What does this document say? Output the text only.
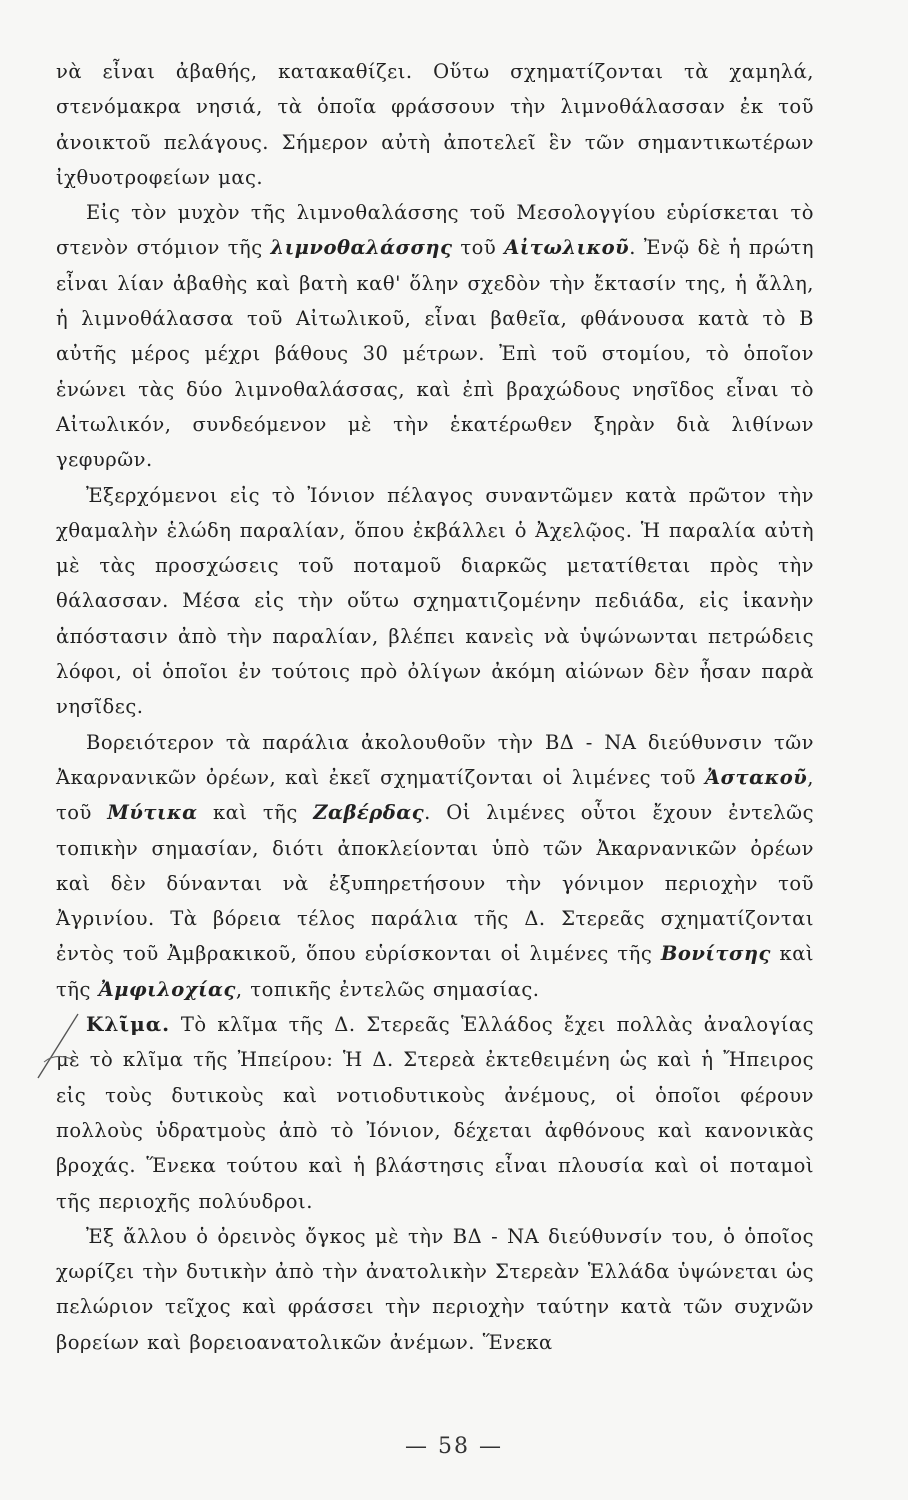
νὰ εἶναι ἀβαθής, κατακαθίζει. Οὕτω σχηματίζονται τὰ χαμηλά, στενόμακρα νησιά, τὰ ὁποῖα φράσσουν τὴν λιμνοθάλασσαν ἐκ τοῦ ἀνοικτοῦ πελάγους. Σήμερον αὐτὴ ἀποτελεῖ ἓν τῶν σημαντικωτέρων ἰχθυοτροφείων μας.

Εἰς τὸν μυχὸν τῆς λιμνοθαλάσσης τοῦ Μεσολογγίου εὑρίσκεται τὸ στενὸν στόμιον τῆς λιμνοθαλάσσης τοῦ Αἰτωλικοῦ. Ἐνῷ δὲ ἡ πρώτη εἶναι λίαν ἀβαθὴς καὶ βατὴ καθ' ὅλην σχεδὸν τὴν ἔκτασίν της, ἡ ἄλλη, ἡ λιμνοθάλασσα τοῦ Αἰτωλικοῦ, εἶναι βαθεῖα, φθάνουσα κατὰ τὸ Β αὐτῆς μέρος μέχρι βάθους 30 μέτρων. Ἐπὶ τοῦ στομίου, τὸ ὁποῖον ἑνώνει τὰς δύο λιμνοθαλάσσας, καὶ ἐπὶ βραχώδους νησῖδος εἶναι τὸ Αἰτωλικόν, συνδεόμενον μὲ τὴν ἑκατέρωθεν ξηρὰν διὰ λιθίνων γεφυρῶν.

Ἐξερχόμενοι εἰς τὸ Ἰόνιον πέλαγος συναντῶμεν κατὰ πρῶτον τὴν χθαμαλὴν ἑλώδη παραλίαν, ὅπου ἐκβάλλει ὁ Ἀχελῷος. Ἡ παραλία αὐτὴ μὲ τὰς προσχώσεις τοῦ ποταμοῦ διαρκῶς μετατίθεται πρὸς τὴν θάλασσαν. Μέσα εἰς τὴν οὕτω σχηματιζομένην πεδιάδα, εἰς ἱκανὴν ἀπόστασιν ἀπὸ τὴν παραλίαν, βλέπει κανεὶς νὰ ὑψώνωνται πετρώδεις λόφοι, οἱ ὁποῖοι ἐν τούτοις πρὸ ὀλίγων ἀκόμη αἰώνων δὲν ἦσαν παρὰ νησῖδες.

Βορειότερον τὰ παράλια ἀκολουθοῦν τὴν ΒΔ - ΝΑ διεύθυνσιν τῶν Ἀκαρνανικῶν ὀρέων, καὶ ἐκεῖ σχηματίζονται οἱ λιμένες τοῦ Ἀστακοῦ, τοῦ Μύτικα καὶ τῆς Ζαβέρδας. Οἱ λιμένες οὗτοι ἔχουν ἐντελῶς τοπικὴν σημασίαν, διότι ἀποκλείονται ὑπὸ τῶν Ἀκαρνανικῶν ὀρέων καὶ δὲν δύνανται νὰ ἐξυπηρετήσουν τὴν γόνιμον περιοχὴν τοῦ Ἀγρινίου. Τὰ βόρεια τέλος παράλια τῆς Δ. Στερεᾶς σχηματίζονται ἐντὸς τοῦ Ἀμβρακικοῦ, ὅπου εὑρίσκονται οἱ λιμένες τῆς Βονίτσης καὶ τῆς Ἀμφιλοχίας, τοπικῆς ἐντελῶς σημασίας.

Κλῖμα. Τὸ κλῖμα τῆς Δ. Στερεᾶς Ἑλλάδος ἔχει πολλὰς ἀναλογίας μὲ τὸ κλῖμα τῆς Ἠπείρου: Ἡ Δ. Στερεὰ ἐκτεθειμένη ὡς καὶ ἡ Ἤπειρος εἰς τοὺς δυτικοὺς καὶ νοτιοδυτικοὺς ἀνέμους, οἱ ὁποῖοι φέρουν πολλοὺς ὑδρατμοὺς ἀπὸ τὸ Ἰόνιον, δέχεται ἀφθόνους καὶ κανονικὰς βροχάς. Ἕνεκα τούτου καὶ ἡ βλάστησις εἶναι πλουσία καὶ οἱ ποταμοὶ τῆς περιοχῆς πολύυδροι.

Ἐξ ἄλλου ὁ ὀρεινὸς ὄγκος μὲ τὴν ΒΔ - ΝΑ διεύθυνσίν του, ὁ ὁποῖος χωρίζει τὴν δυτικὴν ἀπὸ τὴν ἀνατολικὴν Στερεὰν Ἑλλάδα ὑψώνεται ὡς πελώριον τεῖχος καὶ φράσσει τὴν περιοχὴν ταύτην κατὰ τῶν συχνῶν βορείων καὶ βορειοανατολικῶν ἀνέμων. Ἕνεκα

— 58 —
